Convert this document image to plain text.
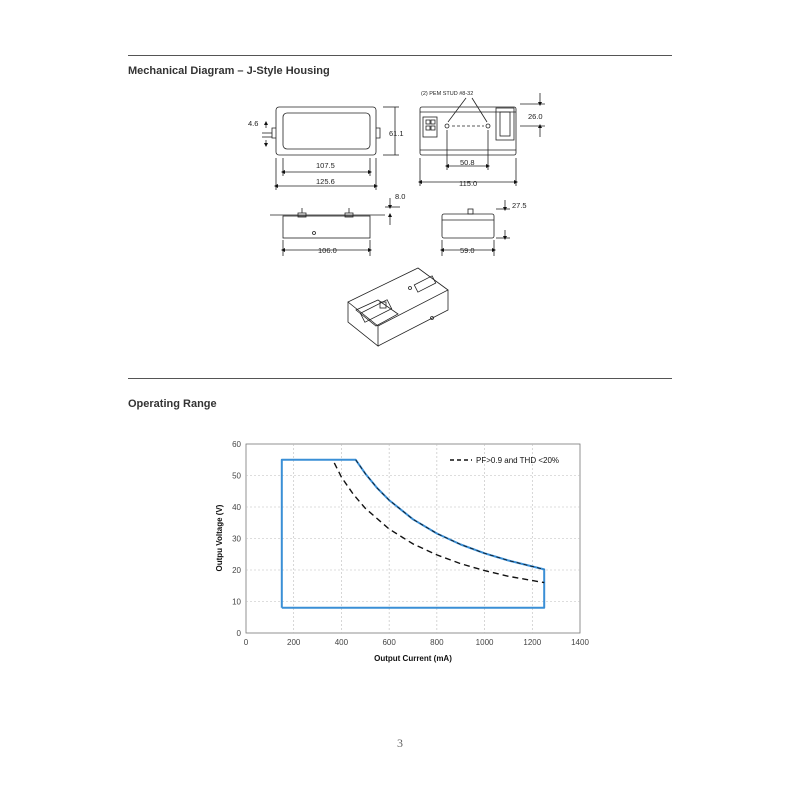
Mechanical Diagram – J-Style Housing
(2) PEM STUD #8-32
4.6
61.1
107.5
125.6
26.0
50.8
115.0
8.0
106.0
27.5
59.0
Operating Range
0	200	400	600	800	1000	1200	1400
0
10
20
30
40
50
60
PF>0.9 and THD <20%
Output Current (mA)
Outpu Voltage (V)
3
